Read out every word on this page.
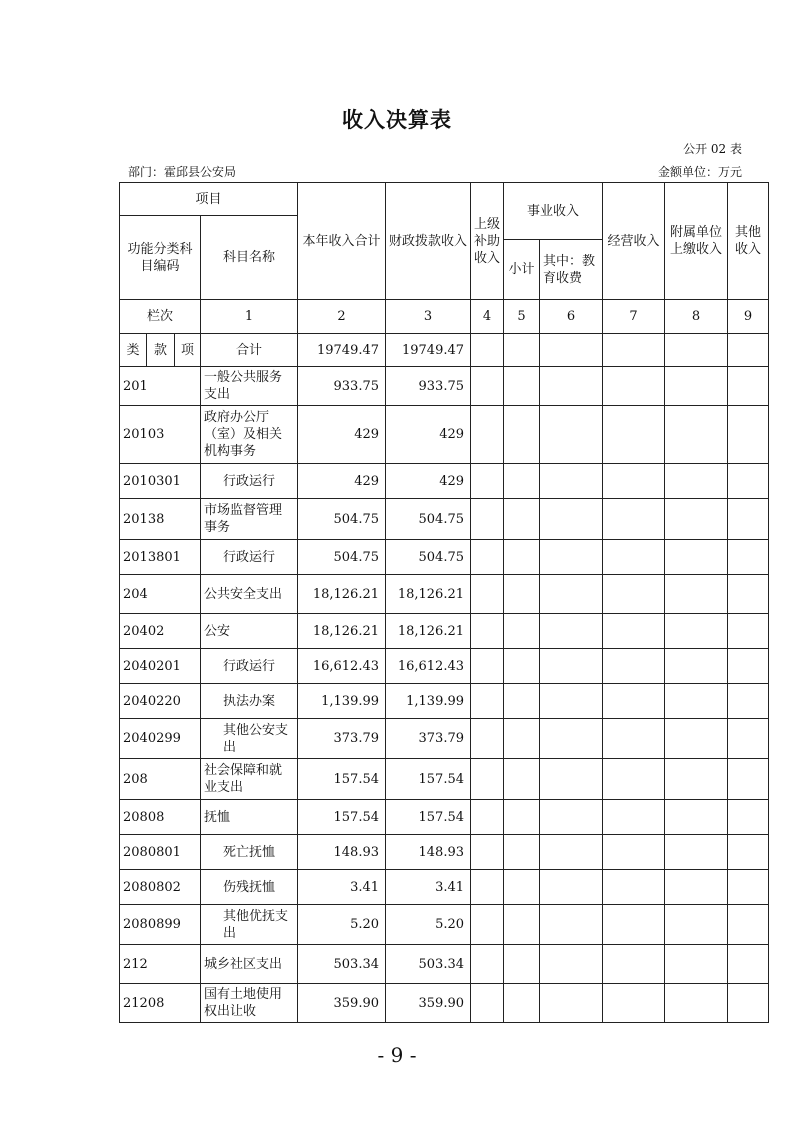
收入决算表
公开 02 表
部门：霍邱县公安局	金额单位：万元
项目				本年收入合计	财政拨款收入	上级补助收入	事业收入		经营收入	附属单位上缴收入	其他收入
功能分类科目编码			科目名称								
							小计	其中：教育收费			
栏次			1	2	3	4	5	6	7	8	9
类	款	项	合计	19749.47	19749.47						
201			一般公共服务支出	933.75	933.75						
20103			政府办公厅（室）及相关机构事务	429	429						
2010301			行政运行	429	429						
20138			市场监督管理事务	504.75	504.75						
2013801			行政运行	504.75	504.75						
204			公共安全支出	18,126.21	18,126.21						
20402			公安	18,126.21	18,126.21						
2040201			行政运行	16,612.43	16,612.43						
2040220			执法办案	1,139.99	1,139.99						
2040299			其他公安支出	373.79	373.79						
208			社会保障和就业支出	157.54	157.54						
20808			抚恤	157.54	157.54						
2080801			死亡抚恤	148.93	148.93						
2080802			伤残抚恤	3.41	3.41						
2080899			其他优抚支出	5.20	5.20						
212			城乡社区支出	503.34	503.34						
21208			国有土地使用权出让收	359.90	359.90						
- 9 -
